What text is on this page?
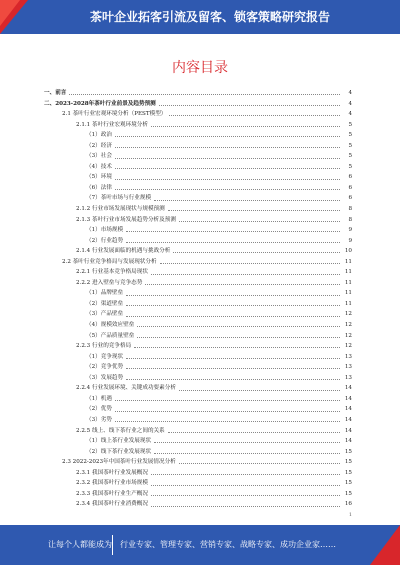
茶叶企业拓客引流及留客、锁客策略研究报告
内容目录
一、前言	4
二、2023-2028年茶叶行业前景及趋势预测	4
2.1 茶叶行业宏观环境分析（PEST模型）	4
2.1.1 茶叶行业宏观环境分析	5
（1）政治	5
（2）经济	5
（3）社会	5
（4）技术	5
（5）环境	6
（6）法律	6
（7）茶叶市场与行业规模	6
2.1.2 行业市场发展现状与规模预测	8
2.1.3 茶叶行业市场发展趋势分析及预测	8
（1）市场规模	9
（2）行业趋势	9
2.1.4 行业发展面临的机遇与挑战分析	10
2.2 茶叶行业竞争格局与发展现状分析	11
2.2.1 行业基本竞争格局现状	11
2.2.2 进入壁垒与竞争态势	11
（1）品牌壁垒	11
（2）渠道壁垒	11
（3）产品壁垒	12
（4）规模效应壁垒	12
（5）产品质量壁垒	12
2.2.3 行业的竞争格局	12
（1）竞争现状	13
（2）竞争优势	13
（3）发展趋势	13
2.2.4 行业发展环境、关键成功要素分析	14
（1）机遇	14
（2）优势	14
（3）劣势	14
2.2.5 线上、线下茶行业之间的关系	14
（1）线上茶行业发展现状	14
（2）线下茶行业发展现状	15
2.3 2022-2023年中国茶叶行业发展情况分析	15
2.3.1 我国茶叶行业发展概况	15
2.3.2 我国茶叶行业市场规模	15
2.3.3 我国茶叶行业生产概况	15
2.3.4 我国茶叶行业消费概况	16
1
让每个人都能成为 行业专家、管理专家、营销专家、战略专家、成功企业家……
